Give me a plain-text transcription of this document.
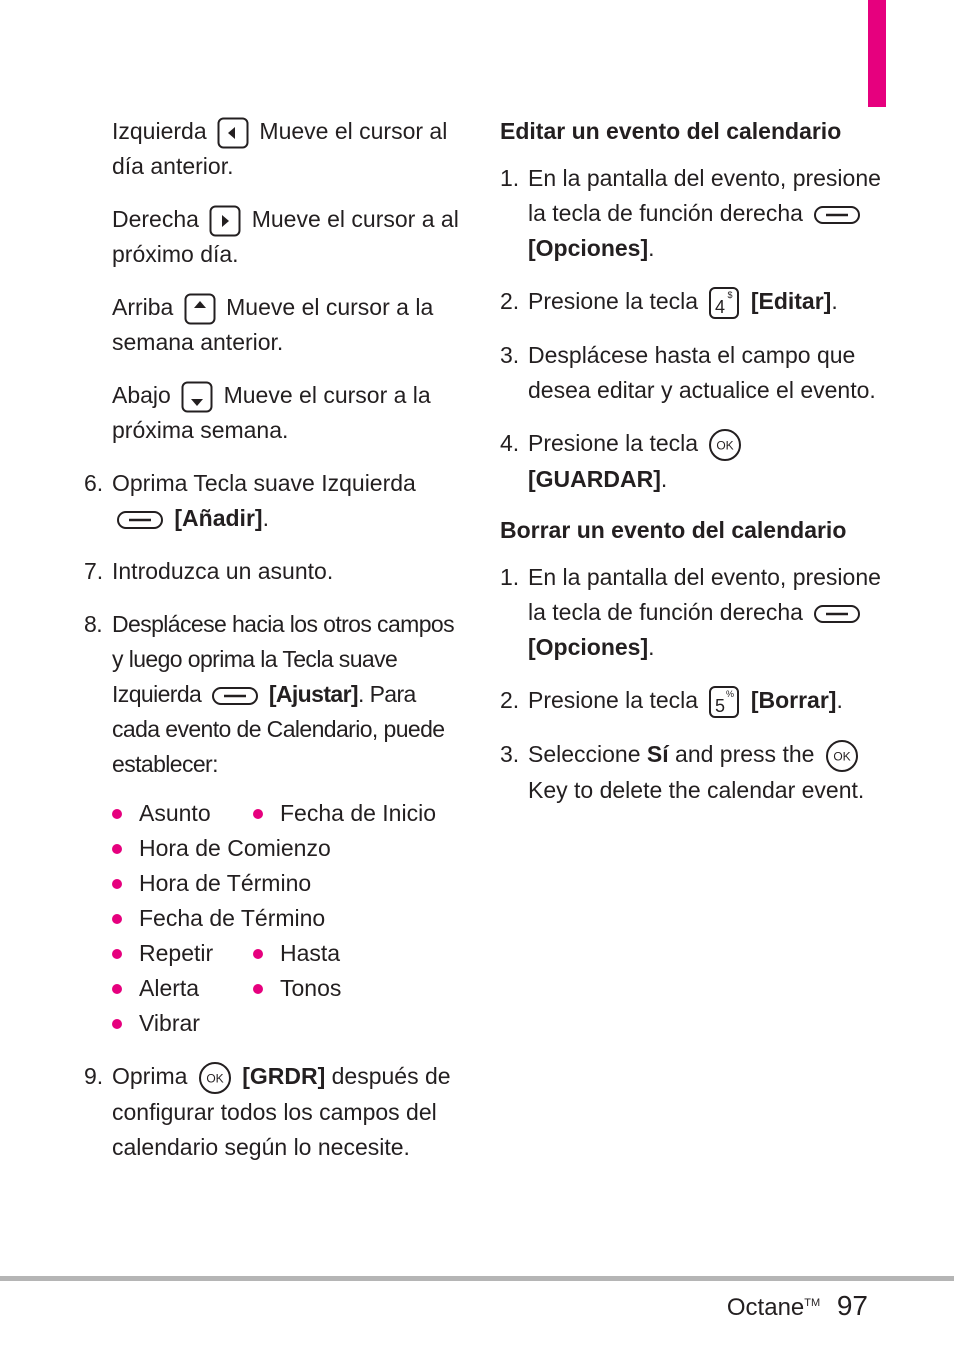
Izquierda Mueve el cursor al día anterior.

Derecha Mueve el cursor a al próximo día.

Arriba Mueve el cursor a la semana anterior.

Abajo Mueve el cursor a la próxima semana.

6. Oprima Tecla suave Izquierda
[Añadir].
7. Introduzca un asunto.
8. Desplácese hacia los otros campos y luego oprima la Tecla suave Izquierda	[Ajustar]. Para cada evento de Calendario, puede establecer:
Asunto	Fecha de Inicio
Hora de Comienzo
Hora de Término
Fecha de Término
Repetir	Hasta
Alerta	Tonos
Vibrar
9. Oprima OK [GRDR] después de configurar todos los campos del calendario según lo necesite.

Editar un evento del calendario

1. En la pantalla del evento, presione la tecla de función derecha  [Opciones].
2. Presione la tecla 4
$ [Editar].
3. Desplácese hasta el campo que desea editar y actualice el evento.
4. Presione la tecla OK

[GUARDAR].

Borrar un evento del calendario

1. En la pantalla del evento, presione la tecla de función derecha  [Opciones].
2. Presione la tecla 5
% [Borrar].
3. Seleccione Sí and press the OK

Key to delete the calendar event.
Octane™ 97
